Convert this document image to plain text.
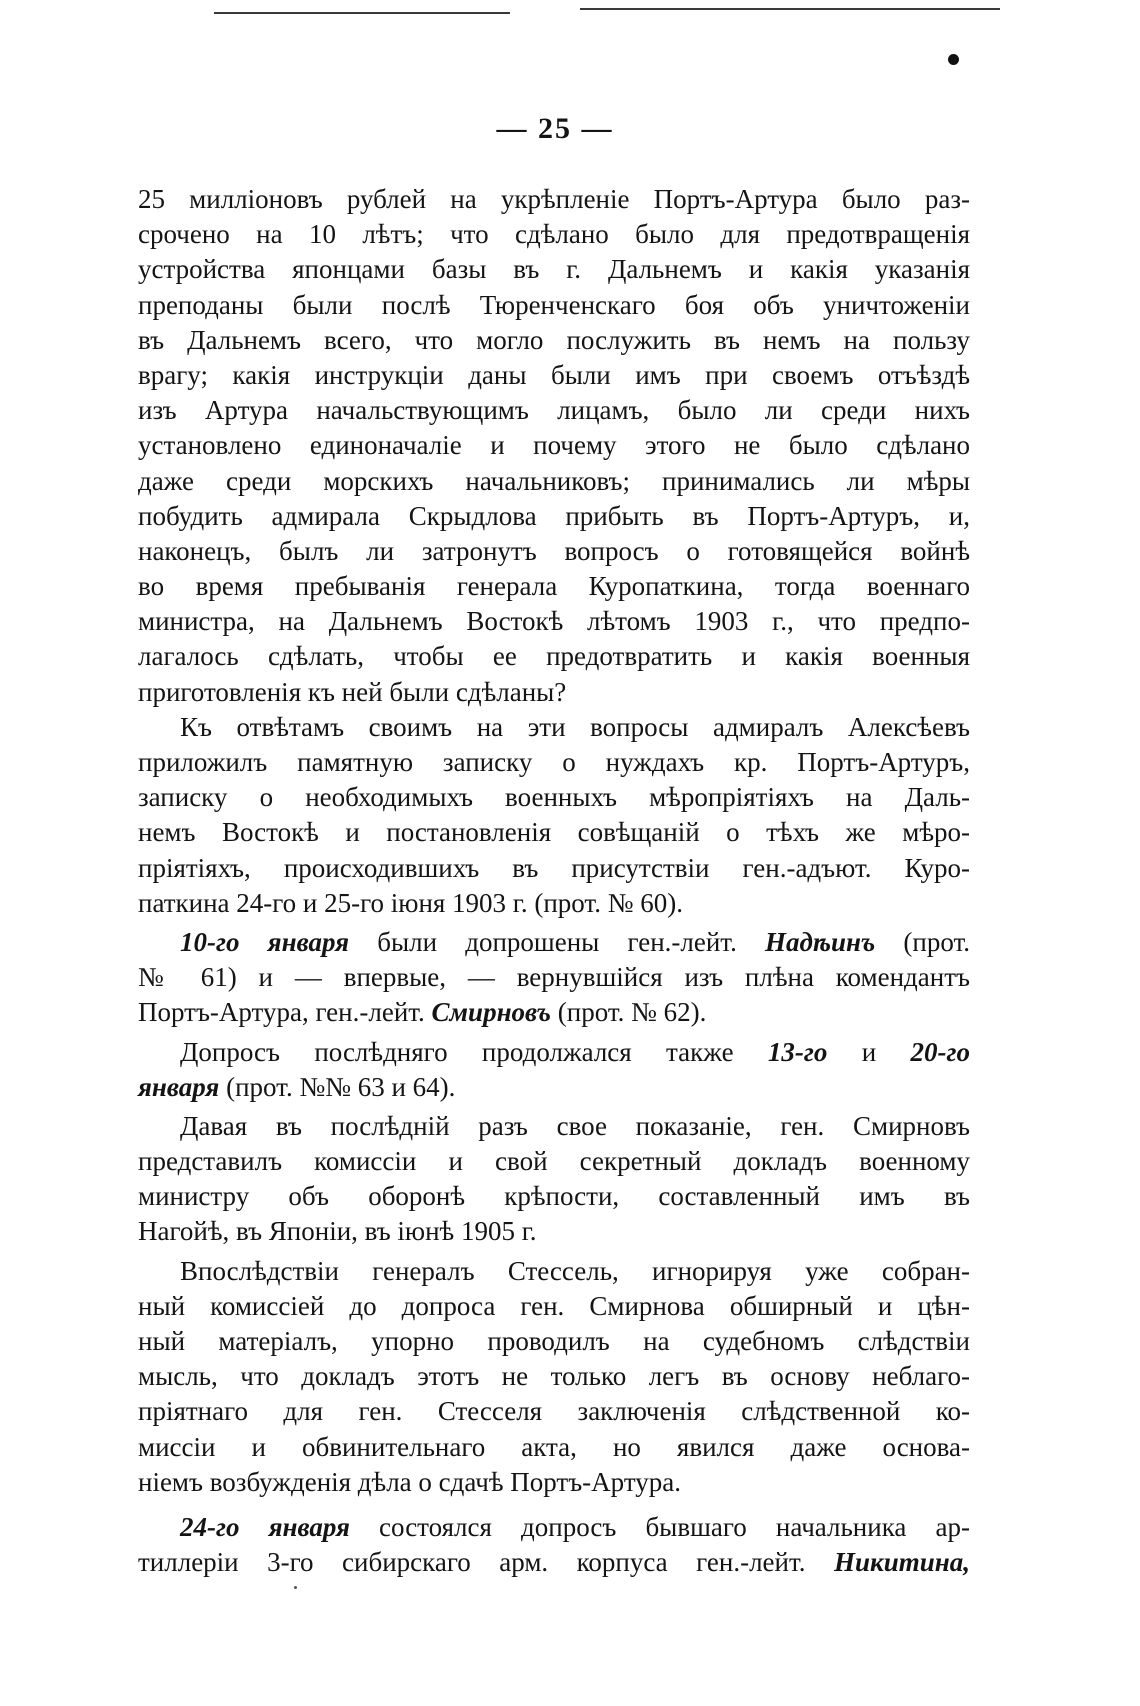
— 25 —
25 милліоновъ рублей на укрѣпленіе Портъ-Артура было раз-
срочено на 10 лѣтъ; что сдѣлано было для предотвращенія
устройства японцами базы въ г. Дальнемъ и какія указанія
преподаны были послѣ Тюренченскаго боя объ уничтоженіи
въ Дальнемъ всего, что могло послужить въ немъ на пользу
врагу; какія инструкціи даны были имъ при своемъ отъѣздѣ
изъ Артура начальствующимъ лицамъ, было ли среди нихъ
установлено единоначаліе и почему этого не было сдѣлано
даже среди морскихъ начальниковъ; принимались ли мѣры
побудить адмирала Скрыдлова прибыть въ Портъ-Артуръ, и,
наконецъ, былъ ли затронутъ вопросъ о готовящейся войнѣ
во время пребыванія генерала Куропаткина, тогда военнаго
министра, на Дальнемъ Востокѣ лѣтомъ 1903 г., что предпо-
лагалось сдѣлать, чтобы ее предотвратить и какія военныя
приготовленія къ ней были сдѣланы?
Къ отвѣтамъ своимъ на эти вопросы адмиралъ Алексѣевъ
приложилъ памятную записку о нуждахъ кр. Портъ-Артуръ,
записку о необходимыхъ военныхъ мѣропріятіяхъ на Даль-
немъ Востокѣ и постановленія совѣщаній о тѣхъ же мѣро-
пріятіяхъ, происходившихъ въ присутствіи ген.-адъют. Куро-
паткина 24-го и 25-го іюня 1903 г. (прот. № 60).
10-го января были допрошены ген.-лейт. Надѣинъ (прот.
№ 61) и — впервые, — вернувшійся изъ плѣна комендантъ
Портъ-Артура, ген.-лейт. Смирновъ (прот. № 62).
Допросъ послѣдняго продолжался также 13-го и 20-го
января (прот. №№ 63 и 64).
Давая въ послѣдній разъ свое показаніе, ген. Смирновъ
представилъ комиссіи и свой секретный докладъ военному
министру объ оборонѣ крѣпости, составленный имъ въ
Нагойѣ, въ Японіи, въ іюнѣ 1905 г.
Впослѣдствіи генералъ Стессель, игнорируя уже собран-
ный комиссіей до допроса ген. Смирнова обширный и цѣн-
ный матеріалъ, упорно проводилъ на судебномъ слѣдствіи
мысль, что докладъ этотъ не только легъ въ основу неблаго-
пріятнаго для ген. Стесселя заключенія слѣдственной ко-
миссіи и обвинительнаго акта, но явился даже основа-
ніемъ возбужденія дѣла о сдачѣ Портъ-Артура.
24-го января состоялся допросъ бывшаго начальника ар-
тиллеріи 3-го сибирскаго арм. корпуса ген.-лейт. Никитина,
